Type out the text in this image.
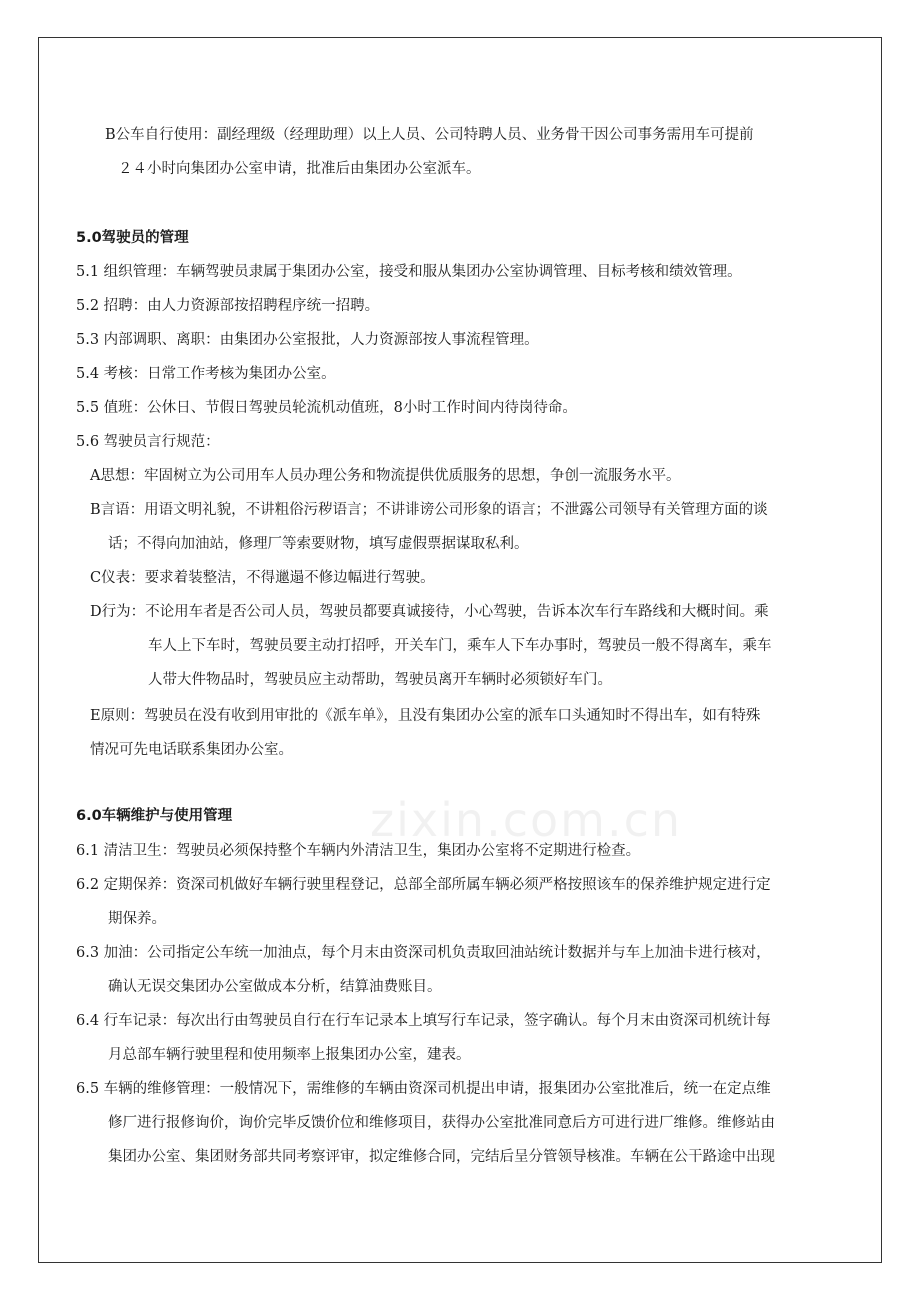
zixin.com.cn
B公车自行使用：副经理级（经理助理）以上人员、公司特聘人员、业务骨干因公司事务需用车可提前
２４小时向集团办公室申请，批准后由集团办公室派车。
5.0驾驶员的管理
5.1 组织管理：车辆驾驶员隶属于集团办公室，接受和服从集团办公室协调管理、目标考核和绩效管理。
5.2 招聘：由人力资源部按招聘程序统一招聘。
5.3 内部调职、离职：由集团办公室报批，人力资源部按人事流程管理。
5.4 考核：日常工作考核为集团办公室。
5.5 值班：公休日、节假日驾驶员轮流机动值班，8小时工作时间内待岗待命。
5.6 驾驶员言行规范：
A思想：牢固树立为公司用车人员办理公务和物流提供优质服务的思想，争创一流服务水平。
B言语：用语文明礼貌，不讲粗俗污秽语言；不讲诽谤公司形象的语言；不泄露公司领导有关管理方面的谈
话；不得向加油站，修理厂等索要财物，填写虚假票据谋取私利。
C仪表：要求着装整洁，不得邋遢不修边幅进行驾驶。
D行为：不论用车者是否公司人员，驾驶员都要真诚接待，小心驾驶，告诉本次车行车路线和大概时间。乘
车人上下车时，驾驶员要主动打招呼，开关车门，乘车人下车办事时，驾驶员一般不得离车，乘车
人带大件物品时，驾驶员应主动帮助，驾驶员离开车辆时必须锁好车门。
E原则：驾驶员在没有收到用审批的《派车单》，且没有集团办公室的派车口头通知时不得出车，如有特殊
情况可先电话联系集团办公室。
6.0车辆维护与使用管理
6.1 清洁卫生：驾驶员必须保持整个车辆内外清洁卫生，集团办公室将不定期进行检查。
6.2 定期保养：资深司机做好车辆行驶里程登记，总部全部所属车辆必须严格按照该车的保养维护规定进行定
期保养。
6.3 加油：公司指定公车统一加油点，每个月末由资深司机负责取回油站统计数据并与车上加油卡进行核对，
确认无误交集团办公室做成本分析，结算油费账目。
6.4 行车记录：每次出行由驾驶员自行在行车记录本上填写行车记录，签字确认。每个月末由资深司机统计每
月总部车辆行驶里程和使用频率上报集团办公室，建表。
6.5 车辆的维修管理：一般情况下，需维修的车辆由资深司机提出申请，报集团办公室批准后，统一在定点维
修厂进行报修询价，询价完毕反馈价位和维修项目，获得办公室批准同意后方可进行进厂维修。维修站由
集团办公室、集团财务部共同考察评审，拟定维修合同，完结后呈分管领导核准。车辆在公干路途中出现
